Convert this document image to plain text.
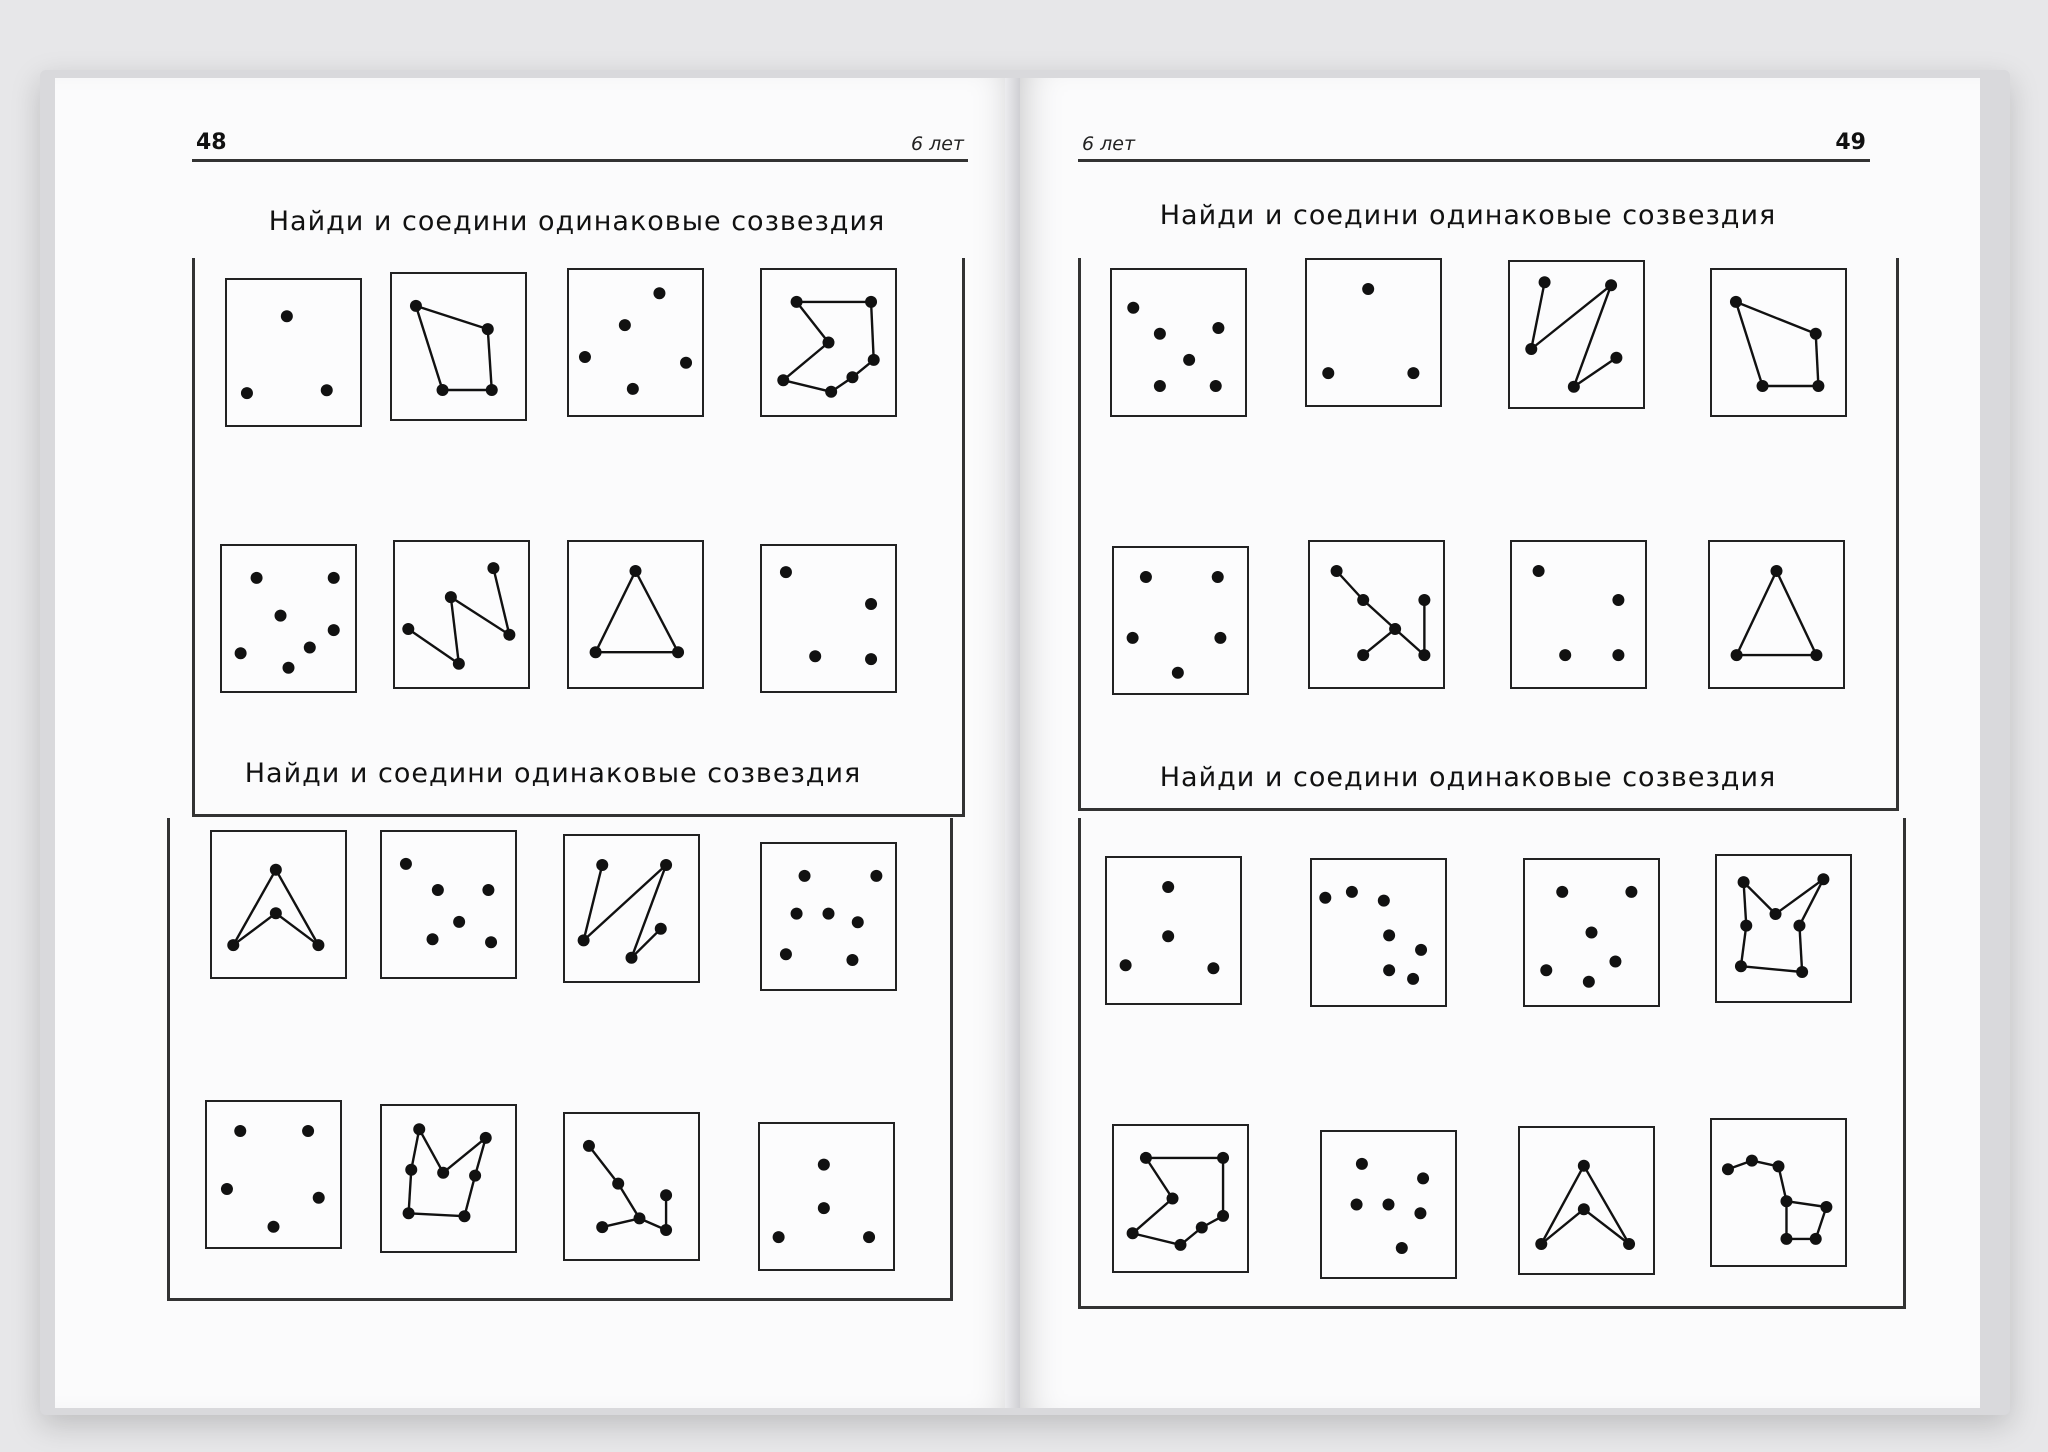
48	6 лет
Найди и соедини одинаковые созвездия
Найди и соедини одинаковые созвездия
6 лет	49
Найди и соедини одинаковые созвездия
Найди и соедини одинаковые созвездия
